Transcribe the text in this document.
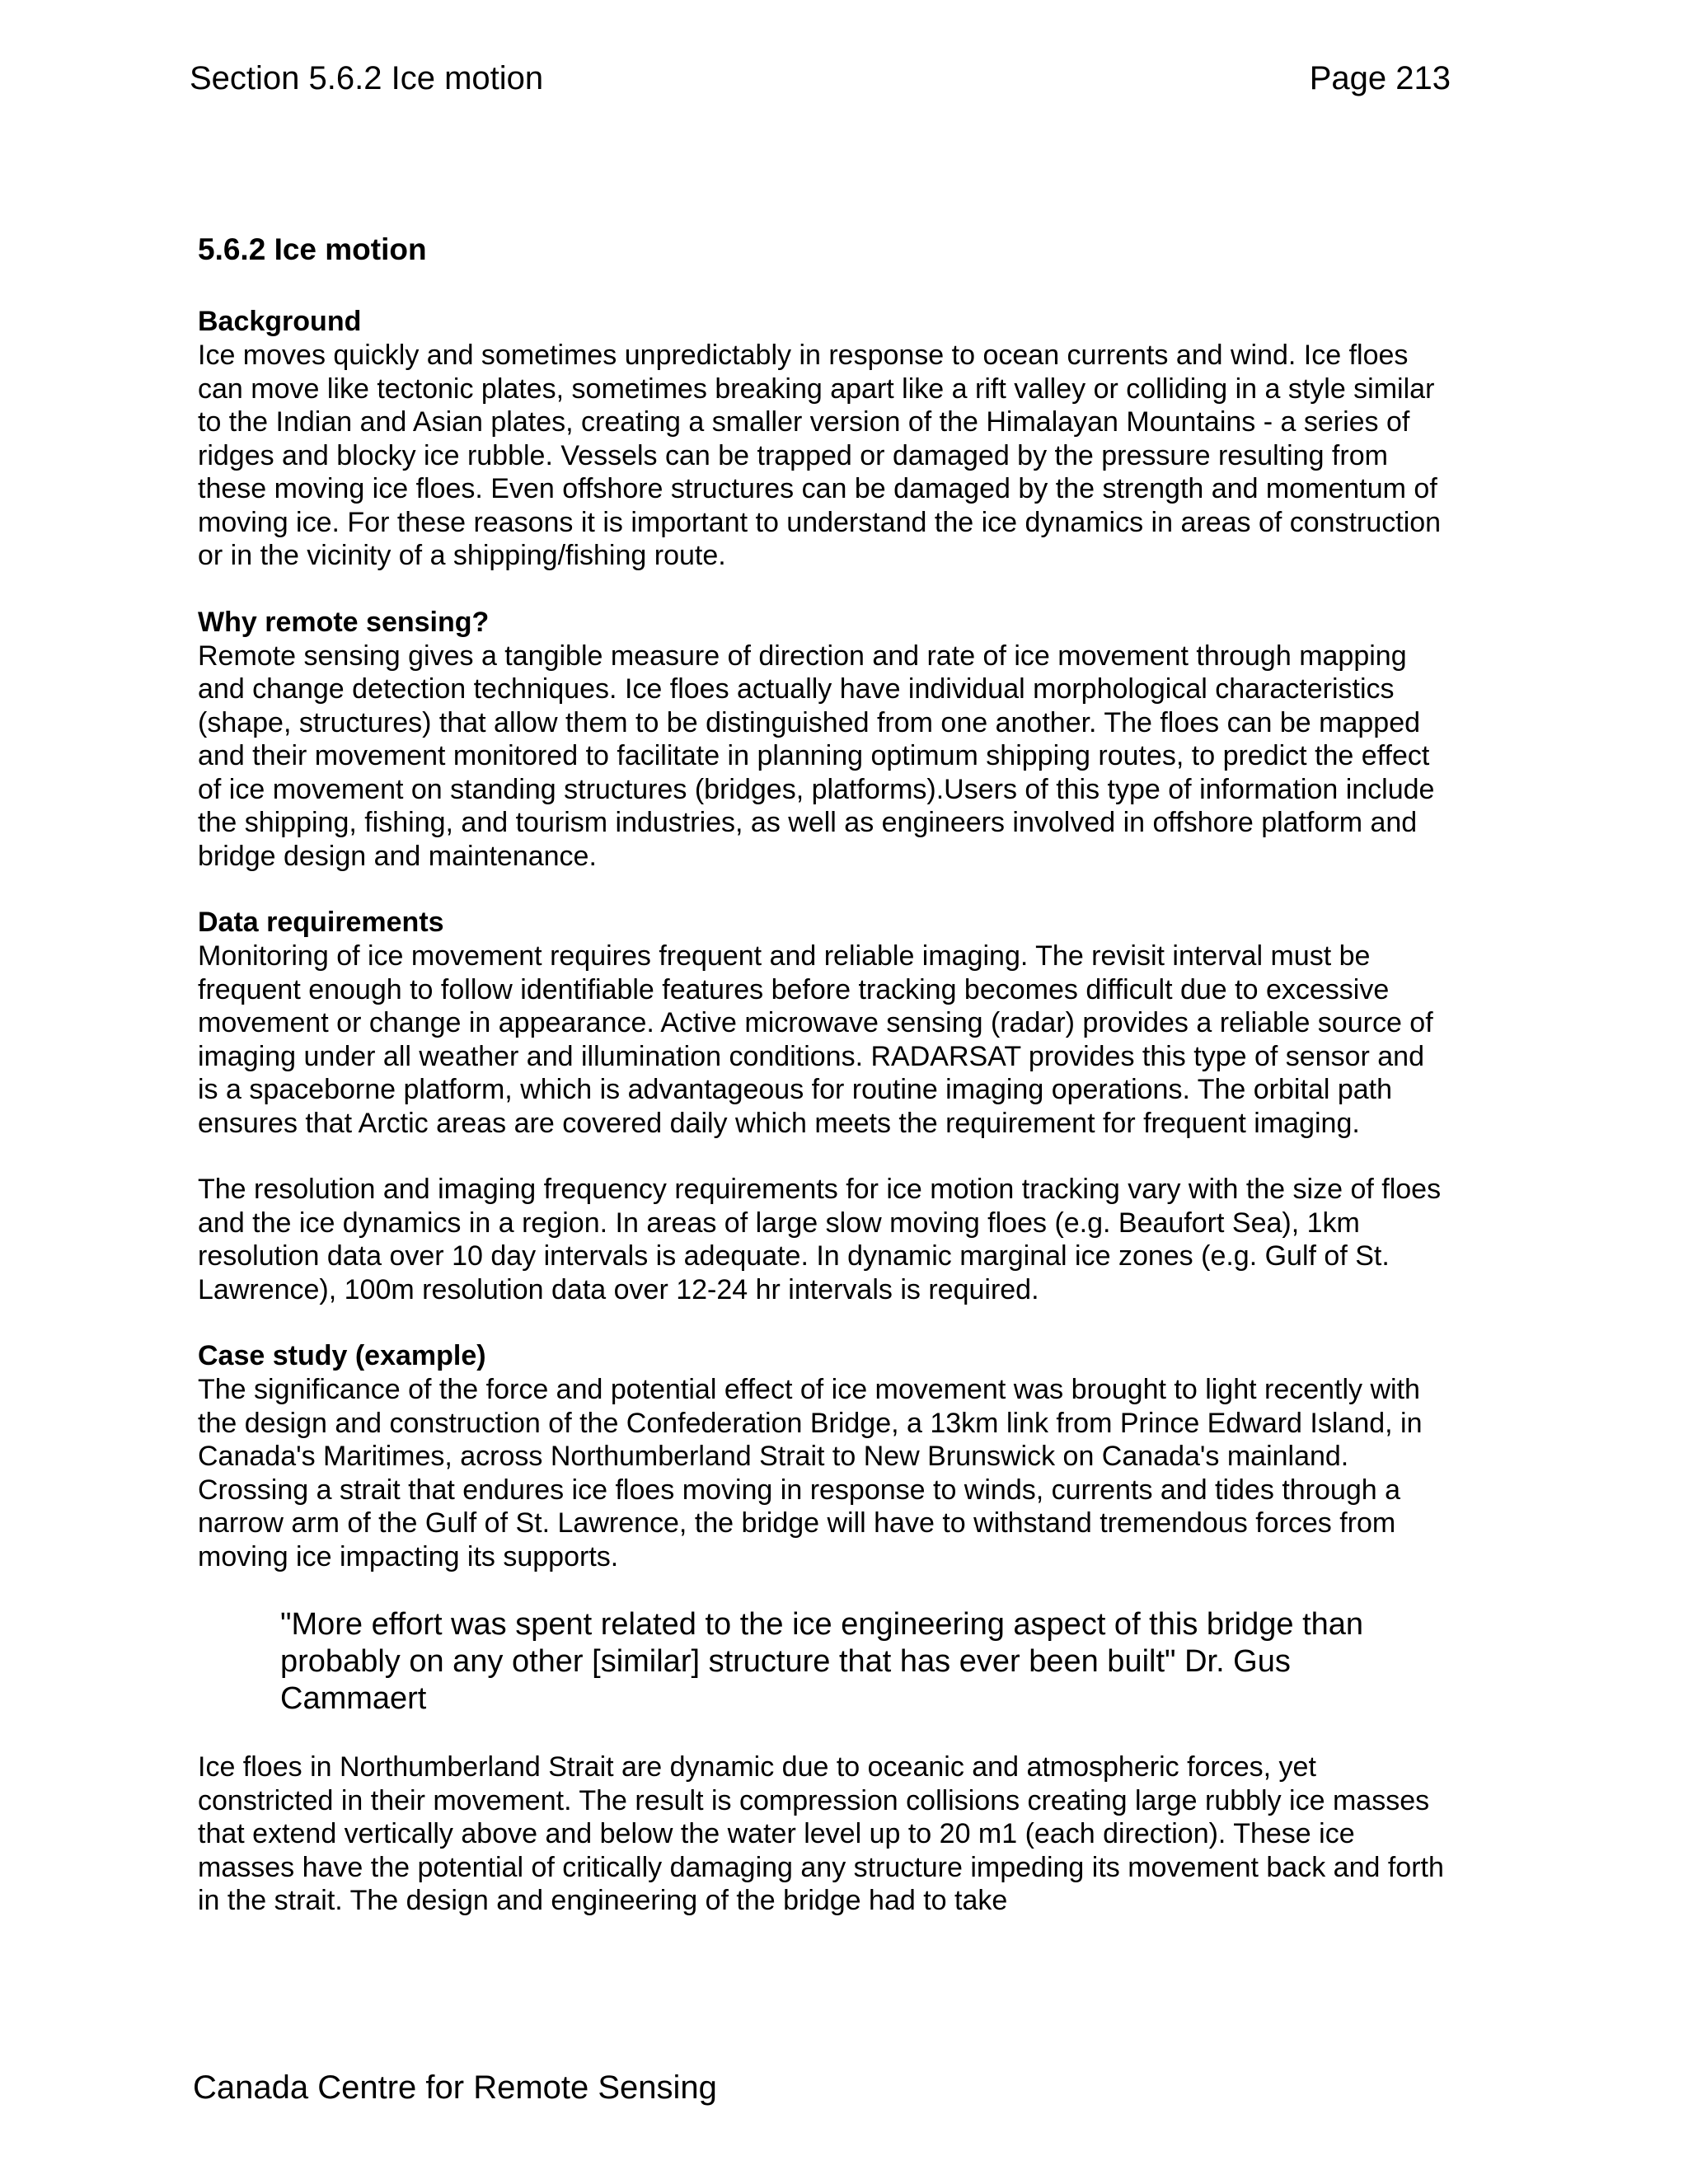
Section 5.6.2 Ice motion	Page 213
5.6.2 Ice motion
Background

Ice moves quickly and sometimes unpredictably in response to ocean currents and wind. Ice floes can move like tectonic plates, sometimes breaking apart like a rift valley or colliding in a style similar to the Indian and Asian plates, creating a smaller version of the Himalayan Mountains - a series of ridges and blocky ice rubble. Vessels can be trapped or damaged by the pressure resulting from these moving ice floes. Even offshore structures can be damaged by the strength and momentum of moving ice. For these reasons it is important to understand the ice dynamics in areas of construction or in the vicinity of a shipping/fishing route.

Why remote sensing?

Remote sensing gives a tangible measure of direction and rate of ice movement through mapping and change detection techniques. Ice floes actually have individual morphological characteristics (shape, structures) that allow them to be distinguished from one another. The floes can be mapped and their movement monitored to facilitate in planning optimum shipping routes, to predict the effect of ice movement on standing structures (bridges, platforms).Users of this type of information include the shipping, fishing, and tourism industries, as well as engineers involved in offshore platform and bridge design and maintenance.

Data requirements

Monitoring of ice movement requires frequent and reliable imaging. The revisit interval must be frequent enough to follow identifiable features before tracking becomes difficult due to excessive movement or change in appearance. Active microwave sensing (radar) provides a reliable source of imaging under all weather and illumination conditions. RADARSAT provides this type of sensor and is a spaceborne platform, which is advantageous for routine imaging operations. The orbital path ensures that Arctic areas are covered daily which meets the requirement for frequent imaging.

The resolution and imaging frequency requirements for ice motion tracking vary with the size of floes and the ice dynamics in a region. In areas of large slow moving floes (e.g. Beaufort Sea), 1km resolution data over 10 day intervals is adequate. In dynamic marginal ice zones (e.g. Gulf of St. Lawrence), 100m resolution data over 12-24 hr intervals is required.

Case study (example)

The significance of the force and potential effect of ice movement was brought to light recently with the design and construction of the Confederation Bridge, a 13km link from Prince Edward Island, in Canada's Maritimes, across Northumberland Strait to New Brunswick on Canada's mainland. Crossing a strait that endures ice floes moving in response to winds, currents and tides through a narrow arm of the Gulf of St. Lawrence, the bridge will have to withstand tremendous forces from moving ice impacting its supports.

"More effort was spent related to the ice engineering aspect of this bridge than probably on any other [similar] structure that has ever been built" Dr. Gus Cammaert

Ice floes in Northumberland Strait are dynamic due to oceanic and atmospheric forces, yet constricted in their movement. The result is compression collisions creating large rubbly ice masses that extend vertically above and below the water level up to 20 m1 (each direction). These ice masses have the potential of critically damaging any structure impeding its movement back and forth in the strait. The design and engineering of the bridge had to take

Canada Centre for Remote Sensing
